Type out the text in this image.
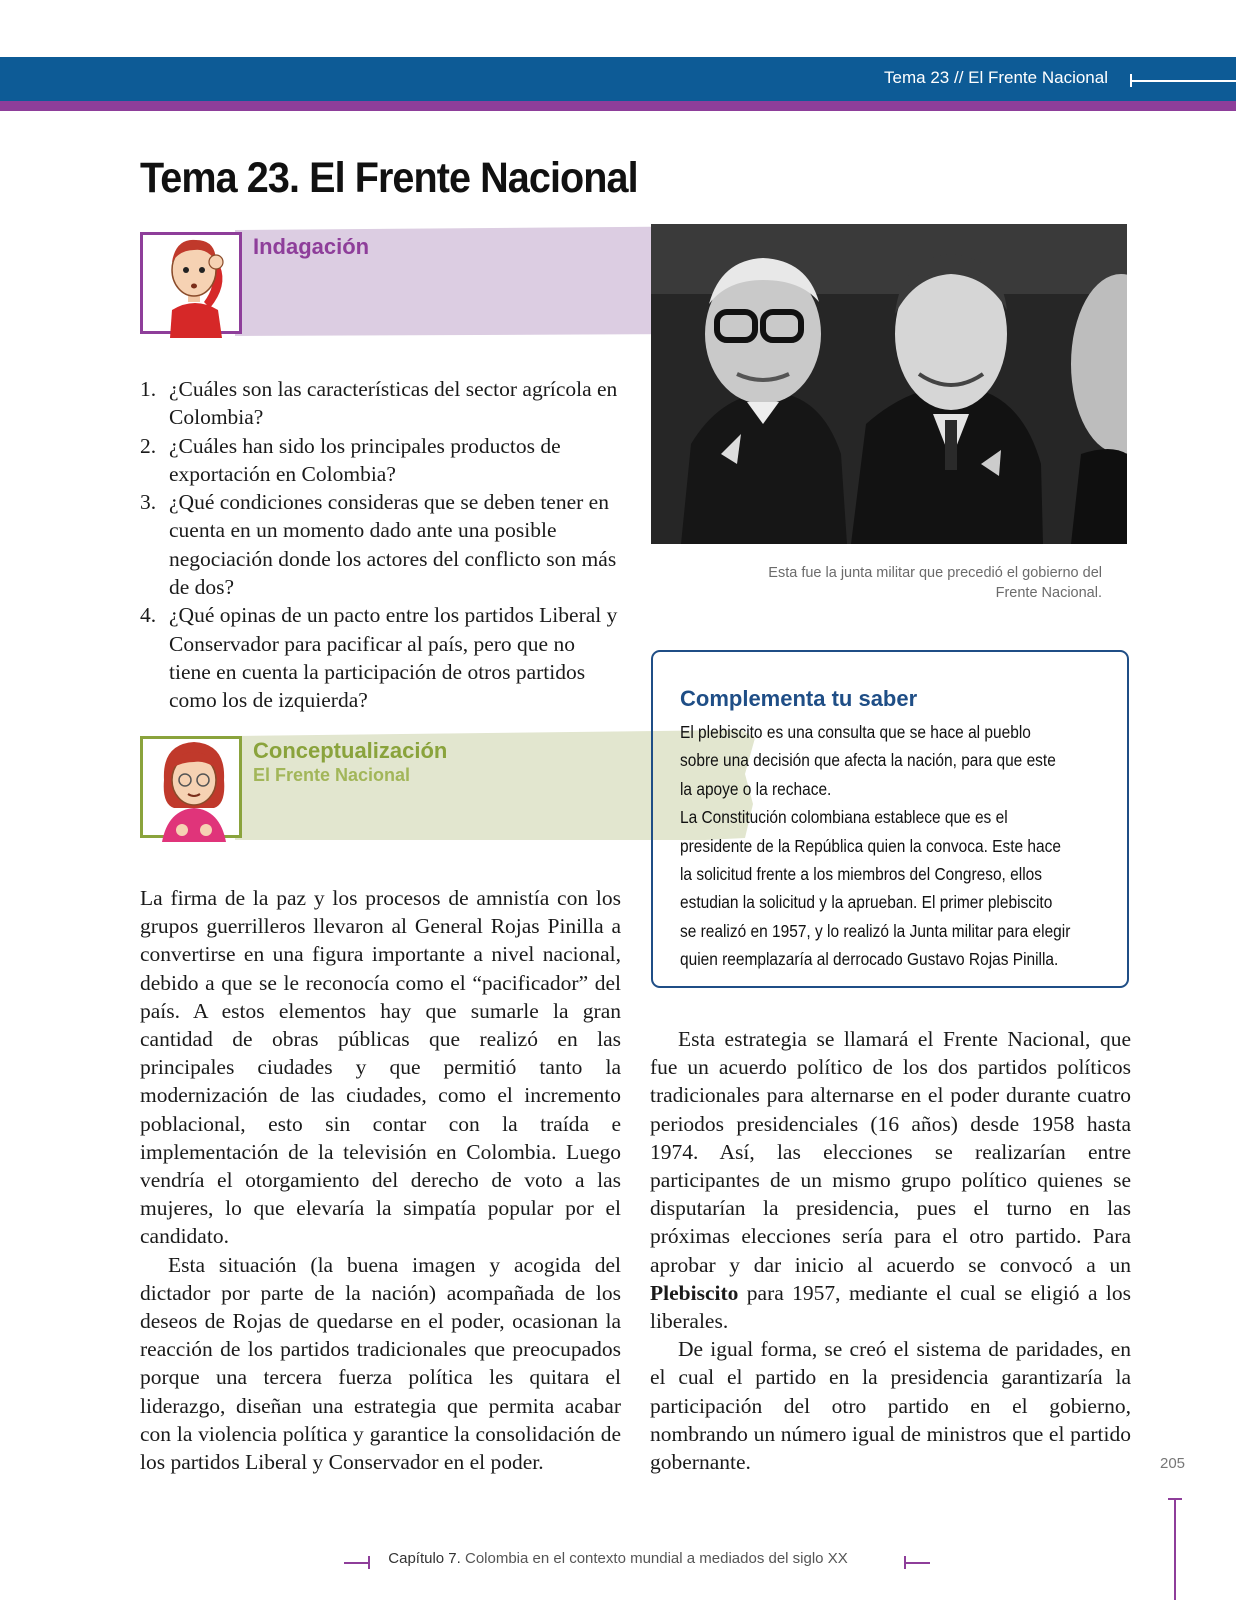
Tema 23 // El Frente Nacional
Tema 23. El Frente Nacional
Indagación
1. ¿Cuáles son las características del sector agrícola en Colombia?
2. ¿Cuáles han sido los principales productos de exportación en Colombia?
3. ¿Qué condiciones consideras que se deben tener en cuenta en un momento dado ante una posible negociación donde los actores del conflicto son más de dos?
4. ¿Qué opinas de un pacto entre los partidos Liberal y Conservador para pacificar al país, pero que no tiene en cuenta la participación de otros partidos como los de izquierda?
Conceptualización
El Frente Nacional

La firma de la paz y los procesos de amnistía con los grupos guerrilleros llevaron al General Rojas Pinilla a convertirse en una figura importante a nivel nacional, debido a que se le reconocía como el “pacificador” del país. A estos elementos hay que sumarle la gran cantidad de obras públicas que realizó en las principales ciudades y que permitió tanto la modernización de las ciudades, como el incremento poblacional, esto sin contar con la traída e implementación de la televisión en Colombia. Luego vendría el otorgamiento del derecho de voto a las mujeres, lo que elevaría la simpatía popular por el candidato.

Esta situación (la buena imagen y acogida del dictador por parte de la nación) acompañada de los deseos de Rojas de quedarse en el poder, ocasionan la reacción de los partidos tradicionales que preocupados porque una tercera fuerza política les quitara el liderazgo, diseñan una estrategia que permita acabar con la violencia política y garantice la consolidación de los partidos Liberal y Conservador en el poder.

Esta fue la junta militar que precedió el gobierno del
Frente Nacional.
Complementa tu saber
El plebiscito es una consulta que se hace al pueblo
sobre una decisión que afecta la nación, para que este
la apoye o la rechace.
La Constitución colombiana establece que es el
presidente de la República quien la convoca. Este hace
la solicitud frente a los miembros del Congreso, ellos
estudian la solicitud y la aprueban. El primer plebiscito
se realizó en 1957, y lo realizó la Junta militar para elegir
quien reemplazaría al derrocado Gustavo Rojas Pinilla.

Esta estrategia se llamará el Frente Nacional, que fue un acuerdo político de los dos partidos políticos tradicionales para alternarse en el poder durante cuatro periodos presidenciales (16 años) desde 1958 hasta 1974. Así, las elecciones se realizarían entre participantes de un mismo grupo político quienes se disputarían la presidencia, pues el turno en las próximas elecciones sería para el otro partido. Para aprobar y dar inicio al acuerdo se convocó a un Plebiscito para 1957, mediante el cual se eligió a los liberales.

De igual forma, se creó el sistema de paridades, en el cual el partido en la presidencia garantizaría la participación del otro partido en el gobierno, nombrando un número igual de ministros que el partido gobernante.	205
Capítulo 7. Colombia en el contexto mundial a mediados del siglo XX
